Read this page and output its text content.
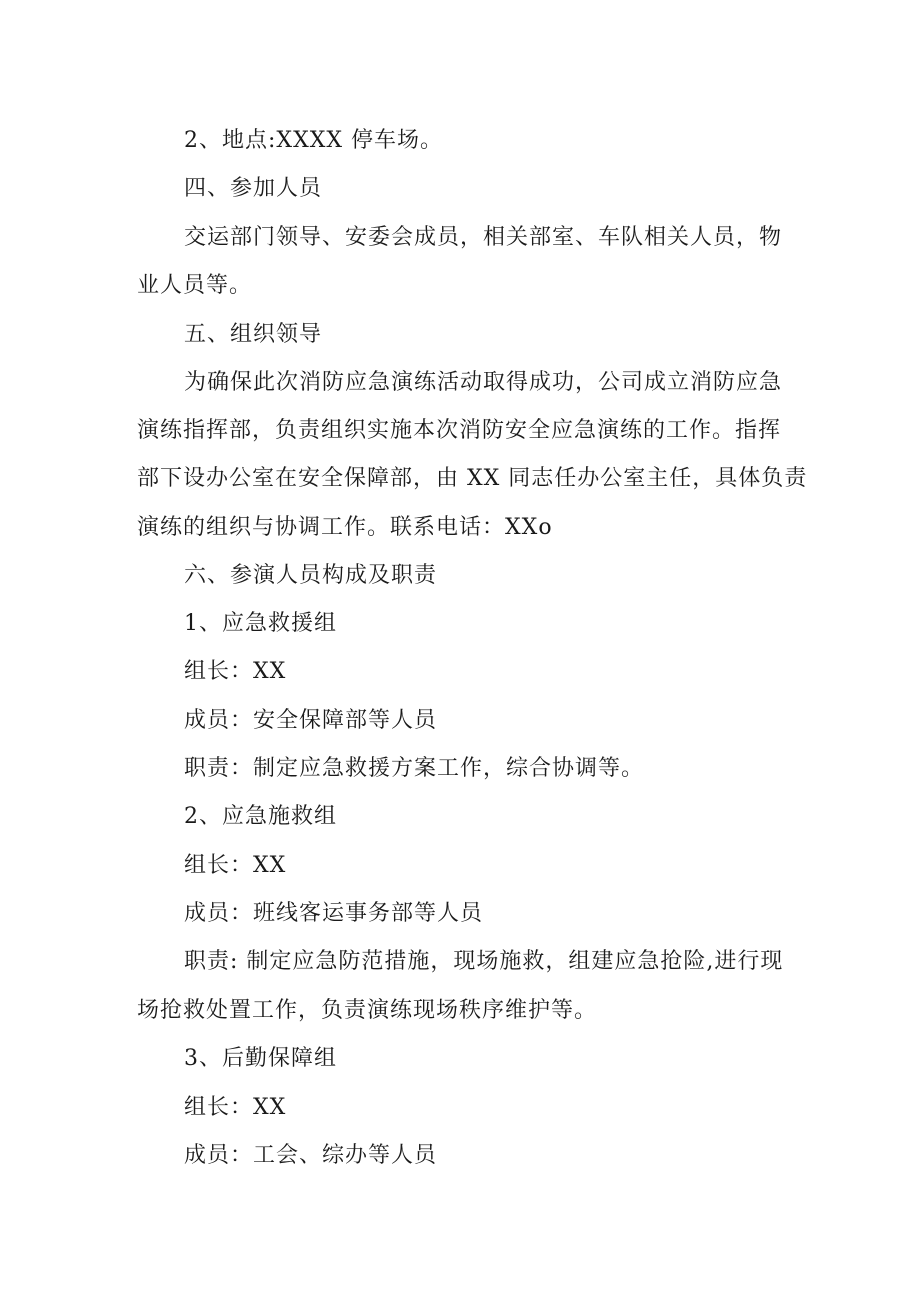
2、地点:XXXX 停车场。
四、参加人员
交运部门领导、安委会成员，相关部室、车队相关人员，物
业人员等。
五、组织领导
为确保此次消防应急演练活动取得成功，公司成立消防应急
演练指挥部，负责组织实施本次消防安全应急演练的工作。指挥
部下设办公室在安全保障部，由 XX 同志任办公室主任，具体负责
演练的组织与协调工作。联系电话：XXo
六、参演人员构成及职责
1、应急救援组
组长：XX
成员：安全保障部等人员
职责：制定应急救援方案工作，综合协调等。
2、应急施救组
组长：XX
成员：班线客运事务部等人员
职责: 制定应急防范措施，现场施救，组建应急抢险,进行现
场抢救处置工作，负责演练现场秩序维护等。
3、后勤保障组
组长：XX
成员：工会、综办等人员
